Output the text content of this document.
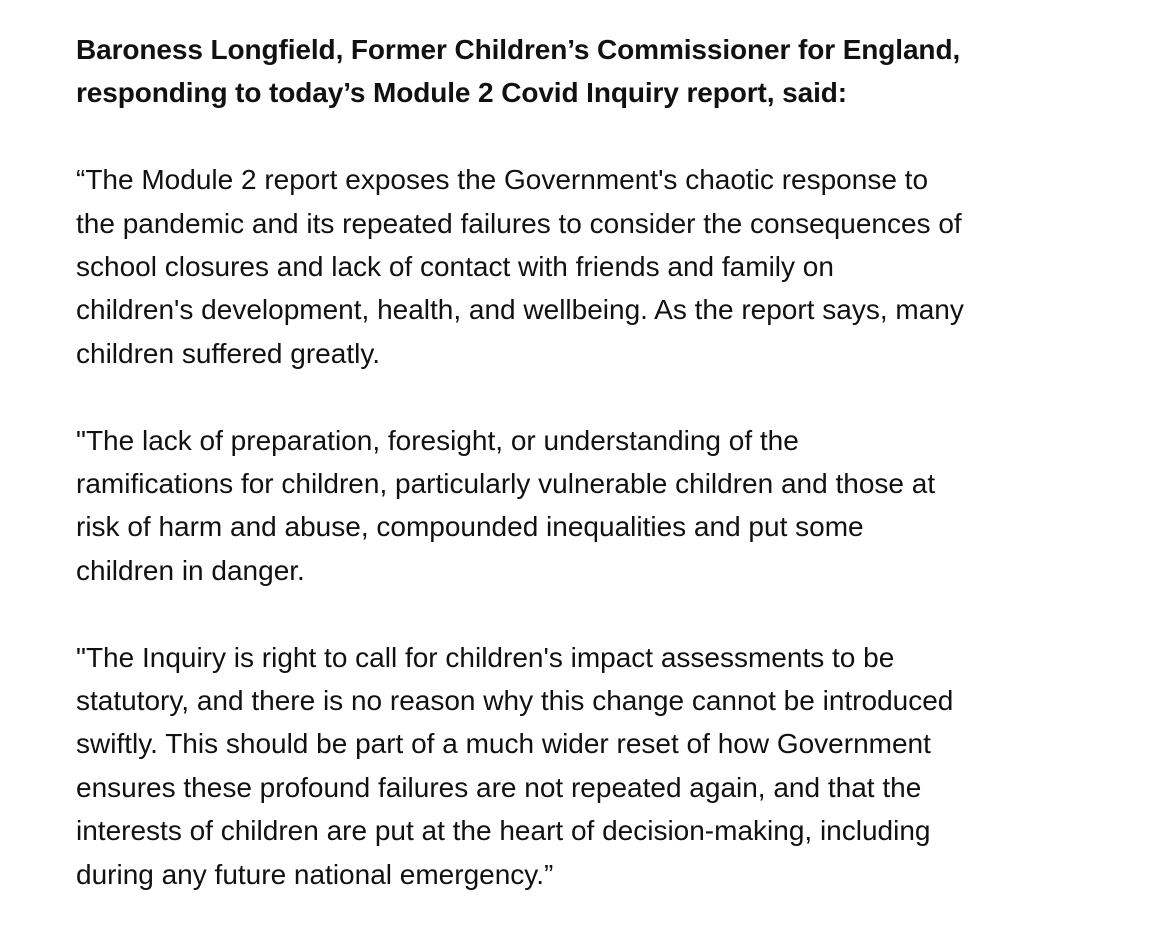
Baroness Longfield, Former Children’s Commissioner for England,
responding to today’s Module 2 Covid Inquiry report, said:

“The Module 2 report exposes the Government's chaotic response to
the pandemic and its repeated failures to consider the consequences of
school closures and lack of contact with friends and family on
children's development, health, and wellbeing. As the report says, many
children suffered greatly.

"The lack of preparation, foresight, or understanding of the
ramifications for children, particularly vulnerable children and those at
risk of harm and abuse, compounded inequalities and put some
children in danger.

"The Inquiry is right to call for children's impact assessments to be
statutory, and there is no reason why this change cannot be introduced
swiftly. This should be part of a much wider reset of how Government
ensures these profound failures are not repeated again, and that the
interests of children are put at the heart of decision-making, including
during any future national emergency.”
